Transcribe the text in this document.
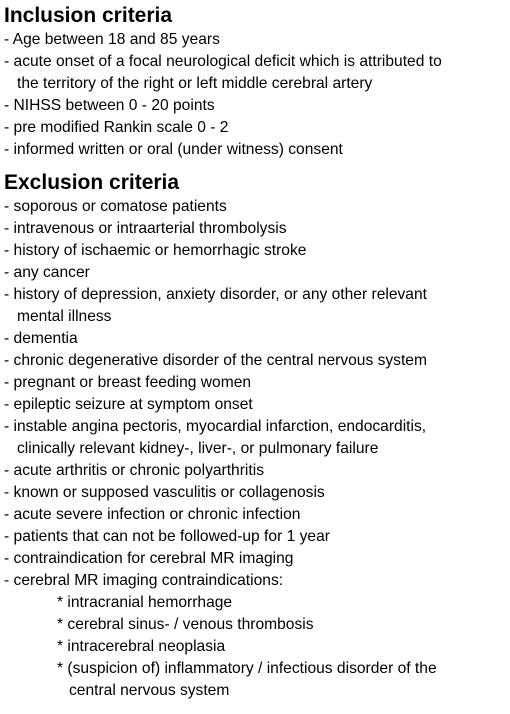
Inclusion criteria
- Age between 18 and 85 years
- acute onset of a focal neurological deficit which is attributed to
the territory of the right or left middle cerebral artery
- NIHSS between 0 - 20 points
- pre modified Rankin scale 0 - 2
- informed written or oral (under witness) consent
Exclusion criteria
- soporous or comatose patients
- intravenous or intraarterial thrombolysis
- history of ischaemic or hemorrhagic stroke
- any cancer
- history of depression, anxiety disorder, or any other relevant
mental illness
- dementia
- chronic degenerative disorder of the central nervous system
- pregnant or breast feeding women
- epileptic seizure at symptom onset
- instable angina pectoris, myocardial infarction, endocarditis,
clinically relevant kidney-, liver-, or pulmonary failure
- acute arthritis or chronic polyarthritis
- known or supposed vasculitis or collagenosis
- acute severe infection or chronic infection
- patients that can not be followed-up for 1 year
- contraindication for cerebral MR imaging
- cerebral MR imaging contraindications:
* intracranial hemorrhage
* cerebral sinus- / venous thrombosis
* intracerebral neoplasia
* (suspicion of) inflammatory / infectious disorder of the
central nervous system
